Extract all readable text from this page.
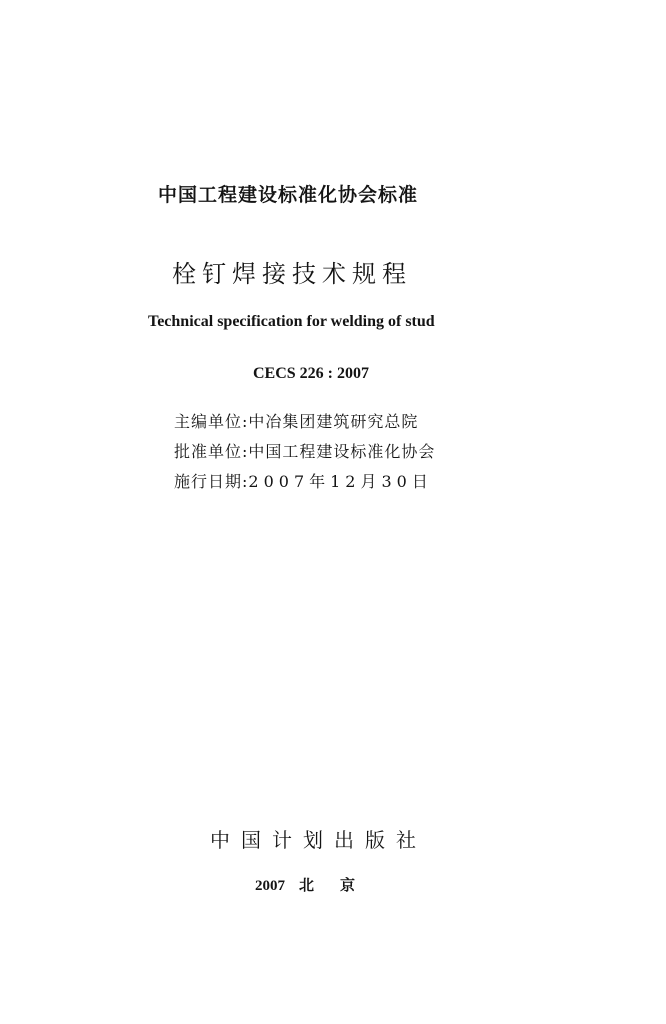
中国工程建设标准化协会标准

栓钉焊接技术规程

Technical specification for welding of stud

CECS 226 : 2007

主编单位:中冶集团建筑研究总院

批准单位:中国工程建设标准化协会

施行日期:2007年12月30日

中国计划出版社

2007 北京
